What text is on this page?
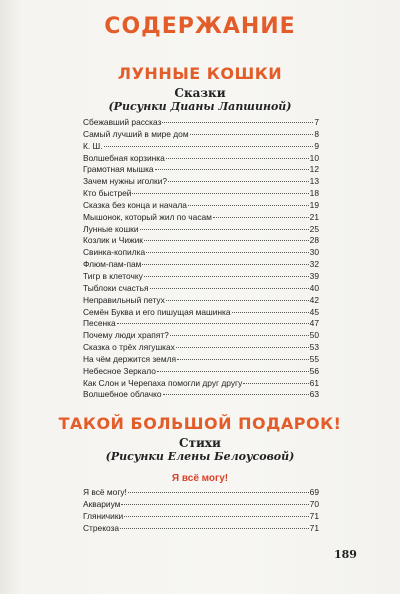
СОДЕРЖАНИЕ
ЛУННЫЕ КОШКИ
Сказки
(Рисунки Дианы Лапшиной)
Сбежавший рассказ	7
Самый лучший в мире дом	8
К. Ш.	9
Волшебная корзинка	10
Грамотная мышка	12
Зачем нужны иголки?	13
Кто быстрей	18
Сказка без конца и начала	19
Мышонок, который жил по часам	21
Лунные кошки	25
Козлик и Чижик	28
Свинка-копилка	30
Флюм-пам-пам	32
Тигр в клеточку	39
Тыблоки счастья	40
Неправильный петух	42
Семён Буква и его пишущая машинка	45
Песенка	47
Почему люди храпят?	50
Сказка о трёх лягушках	53
На чём держится земля	55
Небесное Зеркало	56
Как Слон и Черепаха помогли друг другу	61
Волшебное облачко	63
ТАКОЙ БОЛЬШОЙ ПОДАРОК!
Стихи
(Рисунки Елены Белоусовой)
Я всё могу!
Я всё могу!	69
Аквариум	70
Гляничики	71
Стрекоза	71
189
